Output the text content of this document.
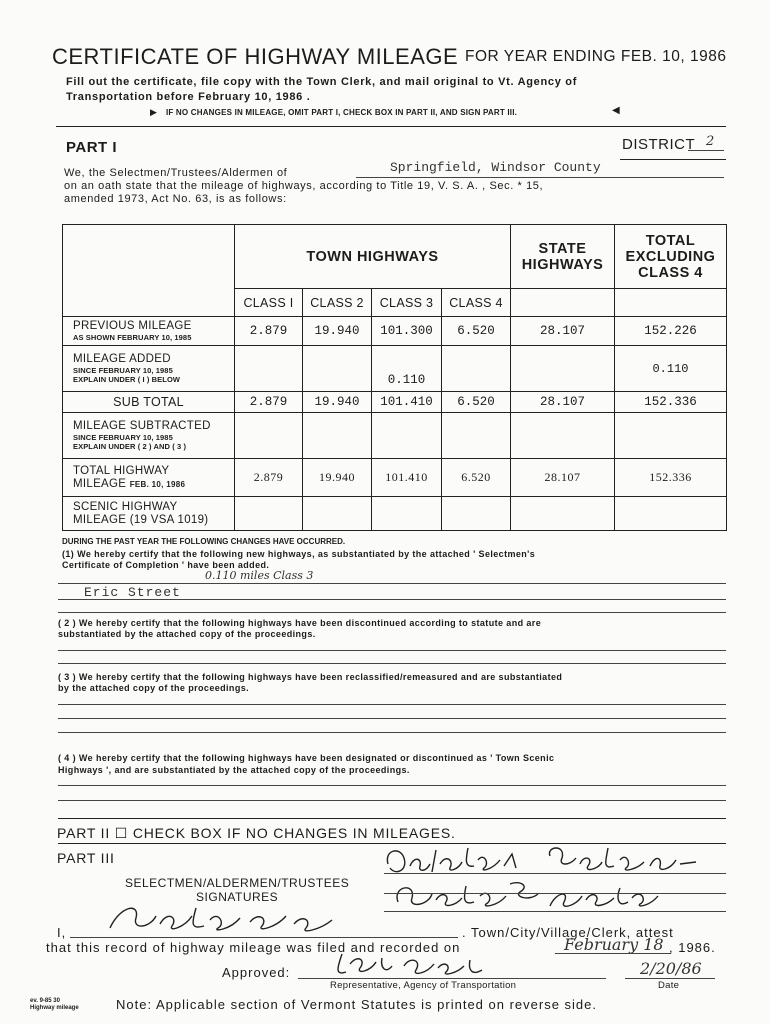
CERTIFICATE OF HIGHWAY MILEAGE FOR YEAR ENDING FEB. 10, 1986
Fill out the certificate, file copy with the Town Clerk, and mail original to Vt. Agency of
Transportation before February 10, 1986 .
▶ IF NO CHANGES IN MILEAGE, OMIT PART I, CHECK BOX IN PART II, AND SIGN PART III.	◀
PART I	DISTRICT 2
We, the Selectmen/Trustees/Aldermen of	Springfield, Windsor County
on an oath state that the mileage of highways, according to Title 19, V. S. A. , Sec. * 15,
amended 1973, Act No. 63, is as follows:
	TOWN HIGHWAYS				STATE
HIGHWAYS	TOTAL
EXCLUDING
CLASS 4
	CLASS I	CLASS 2	CLASS 3	CLASS 4		
PREVIOUS MILEAGE
AS SHOWN FEBRUARY 10, 1985	2.879	19.940	101.300	6.520	28.107	152.226
MILEAGE ADDED
SINCE FEBRUARY 10, 1985
EXPLAIN UNDER ( I ) BELOW			0.110			0.110
SUB TOTAL	2.879	19.940	101.410	6.520	28.107	152.336
MILEAGE SUBTRACTED
SINCE FEBRUARY 10, 1985
EXPLAIN UNDER ( 2 ) AND ( 3 )						

TOTAL HIGHWAY
MILEAGE FEB. 10, 1986	2.879	19.940	101.410	6.520	28.107	152.336
SCENIC HIGHWAY
MILEAGE (19 VSA 1019)						
DURING THE PAST YEAR THE FOLLOWING CHANGES HAVE OCCURRED.
(1) We hereby certify that the following new highways, as substantiated by the attached ' Selectmen's
Certificate of Completion ' have been added.
0.110 miles Class 3
Eric Street
( 2 ) We hereby certify that the following highways have been discontinued according to statute and are
substantiated by the attached copy of the proceedings.
( 3 ) We hereby certify that the following highways have been reclassified/remeasured and are substantiated
by the attached copy of the proceedings.
( 4 ) We hereby certify that the following highways have been designated or discontinued as ' Town Scenic
Highways ', and are substantiated by the attached copy of the proceedings.
PART II ☐ CHECK BOX IF NO CHANGES IN MILEAGES.
PART III
SELECTMEN/ALDERMEN/TRUSTEES
SIGNATURES
I,	. Town/City/Village/Clerk, attest
that this record of highway mileage was filed and recorded on	February 18 , 1986.
Approved:	2/20/86
Representative, Agency of Transportation	Date
ev. 9-85 30
Highway mileage	Note: Applicable section of Vermont Statutes is printed on reverse side.
